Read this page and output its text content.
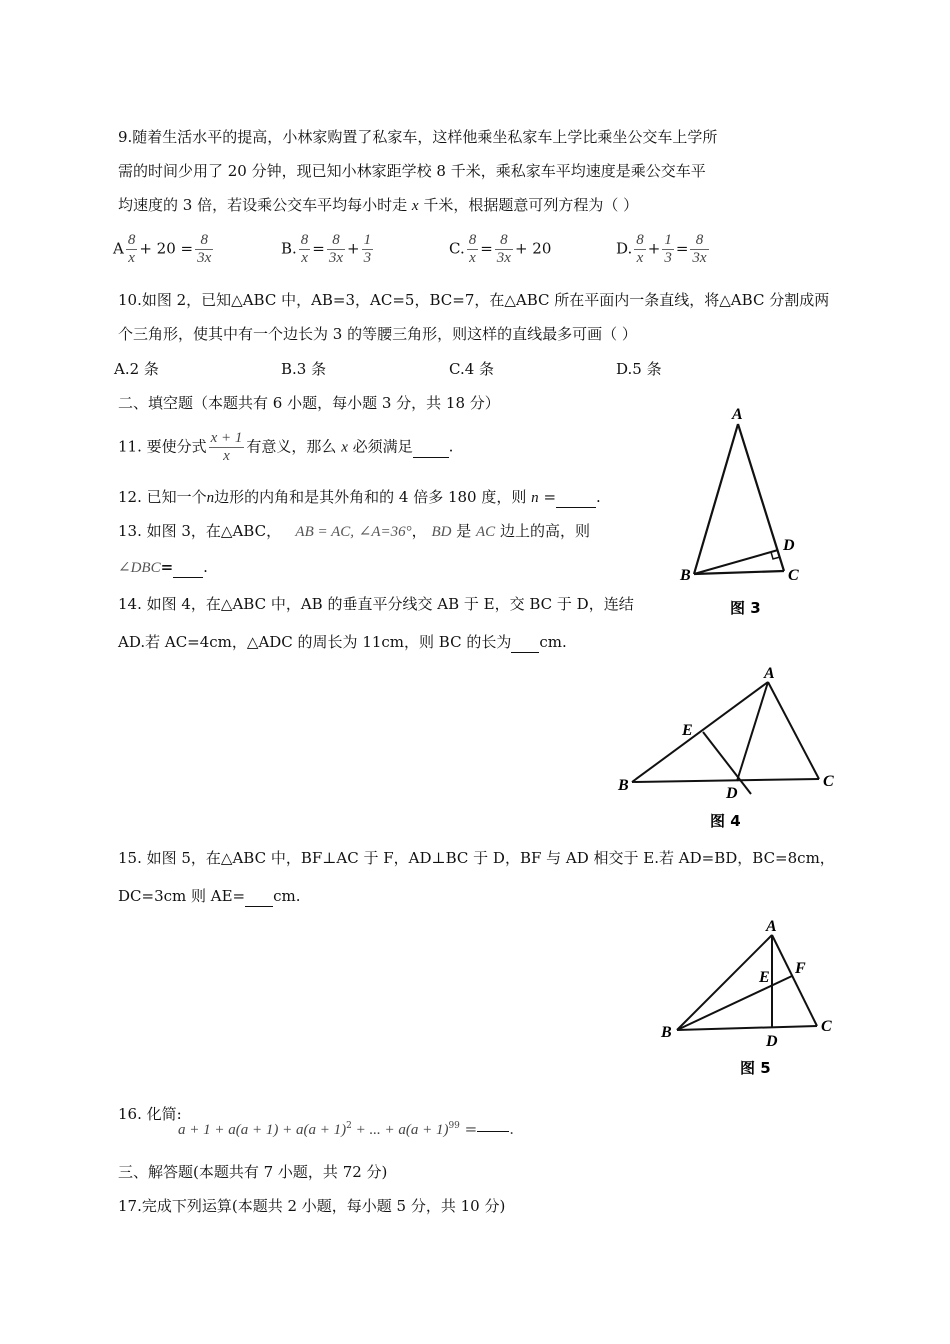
9.随着生活水平的提高，小林家购置了私家车，这样他乘坐私家车上学比乘坐公交车上学所
需的时间少用了 20 分钟，现已知小林家距学校 8 千米，乘私家车平均速度是乘公交车平
均速度的 3 倍，若设乘公交车平均每小时走 x 千米，根据题意可列方程为（ ）
A $\frac{8}{x} + 20 = \frac{8}{3x}$	B. $\frac{8}{x} = \frac{8}{3x} + \frac{1}{3}$	C. $\frac{8}{x} = \frac{8}{3x} + 20$	D. $\frac{8}{x} + \frac{1}{3} = \frac{8}{3x}$
10.如图 2，已知△ABC 中，AB=3，AC=5，BC=7，在△ABC 所在平面内一条直线，将△ABC 分割成两
个三角形，使其中有一个边长为 3 的等腰三角形，则这样的直线最多可画（ ）
A.2 条	B.3 条	C.4 条	D.5 条
二、填空题（本题共有 6 小题，每小题 3 分，共 18 分）
11. 要使分式 $\frac{x + 1}{x}$ 有意义，那么 x 必须满足 .
12. 已知一个n边形的内角和是其外角和的 4 倍多 180 度，则 n =	.
13. 如图 3，在△ABC， AB = AC, ∠A=36°， BD 是 AC 边上的高，则
∠DBC= .
A
B	C
D
图 3
14. 如图 4，在△ABC 中，AB 的垂直平分线交 AB 于 E，交 BC 于 D，连结
AD.若 AC=4cm，△ADC 的周长为 11cm，则 BC 的长为 cm.
A
B	C
D
E
图 4
15. 如图 5，在△ABC 中，BF⊥AC 于 F，AD⊥BC 于 D，BF 与 AD 相交于 E.若 AD=BD，BC=8cm，
DC=3cm 则 AE= cm.
A
B	C
D
E
F
图 5
16. 化简:
$a + 1 + a(a + 1) + a(a + 1)^2$ + ... + $a(a + 1)^{99}$ = .
三、解答题(本题共有 7 小题，共 72 分)
17.完成下列运算(本题共 2 小题，每小题 5 分，共 10 分)
